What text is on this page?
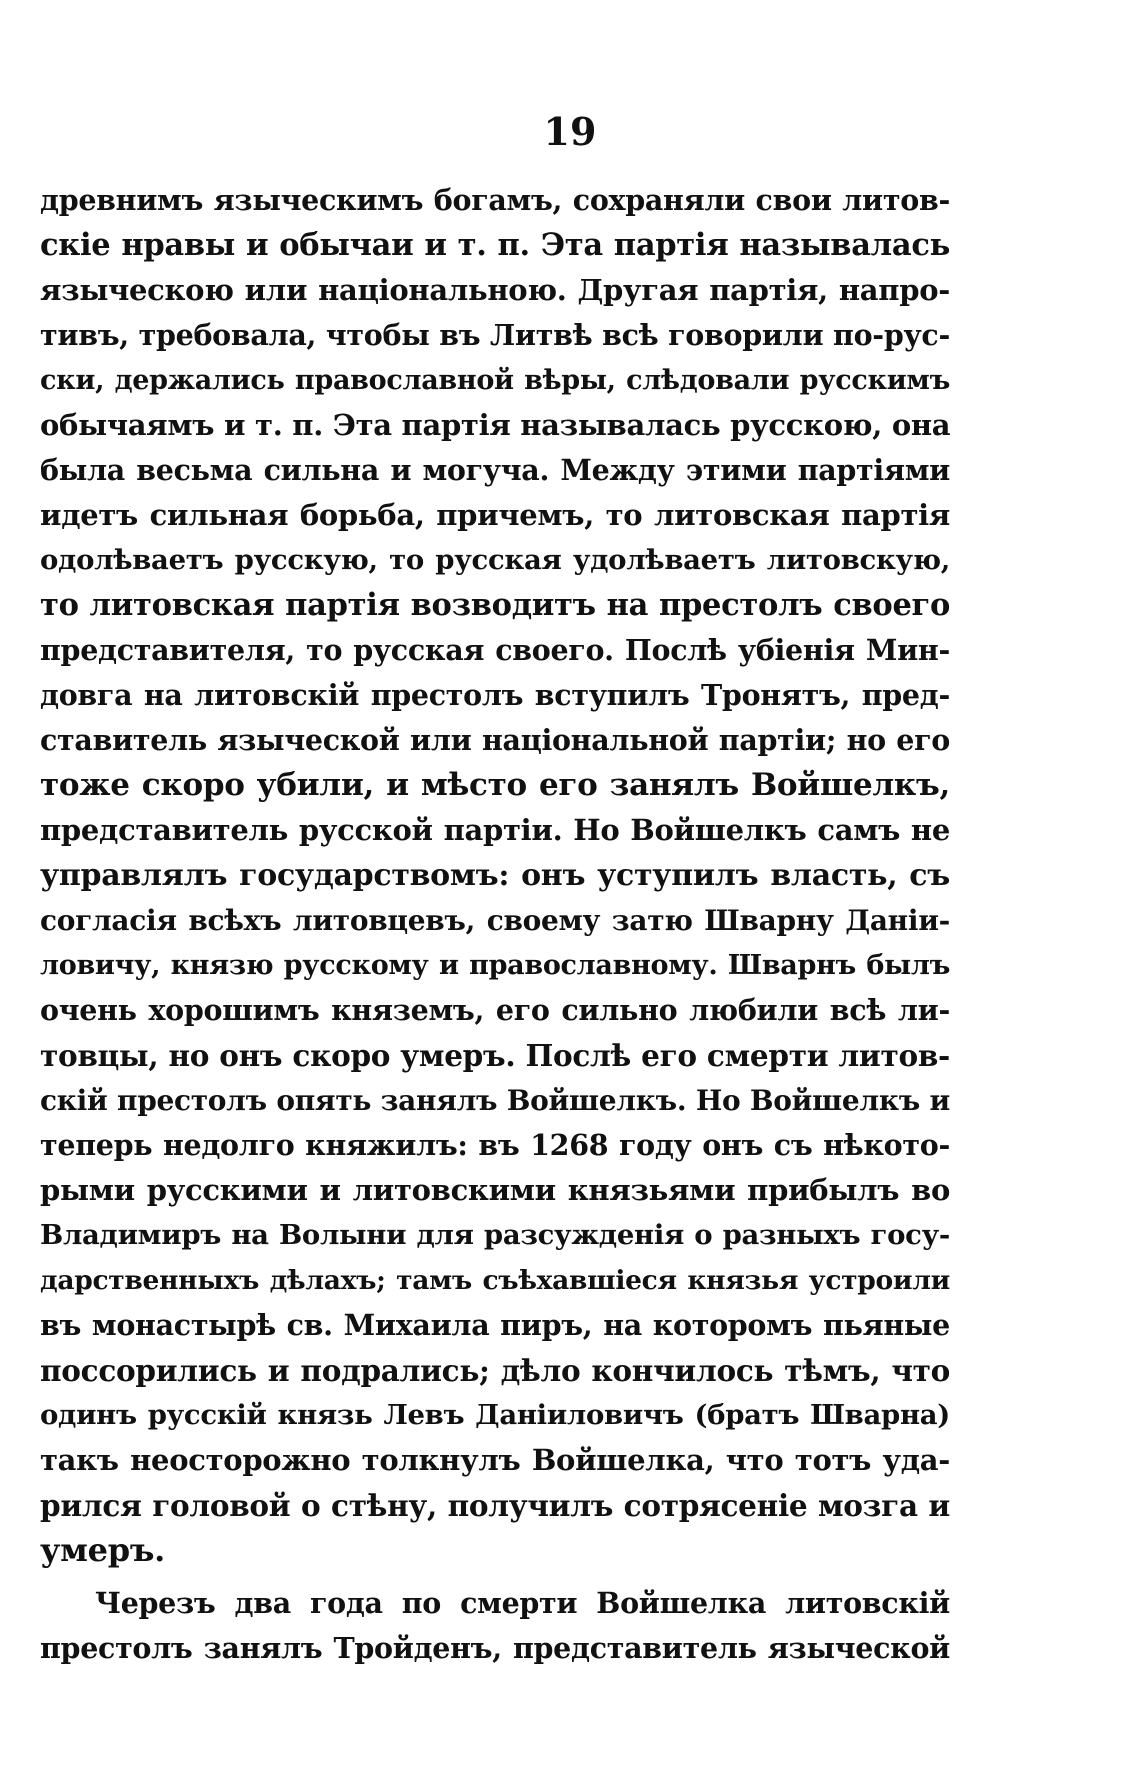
19
древнимъ языческимъ богамъ, сохраняли свои литов-
скіе нравы и обычаи и т. п. Эта партія называлась
языческою или національною. Другая партія, напро-
тивъ, требовала, чтобы въ Литвѣ всѣ говорили по-рус-
ски, держались православной вѣры, слѣдовали русскимъ
обычаямъ и т. п. Эта партія называлась русскою, она
была весьма сильна и могуча. Между этими партіями
идетъ сильная борьба, причемъ, то литовская партія
одолѣваетъ русскую, то русская удолѣваетъ литовскую,
то литовская партія возводитъ на престолъ своего
представителя, то русская своего. Послѣ убіенія Мин-
довга на литовскій престолъ вступилъ Тронятъ, пред-
ставитель языческой или національной партіи; но его
тоже скоро убили, и мѣсто его занялъ Войшелкъ,
представитель русской партіи. Но Войшелкъ самъ не
управлялъ государствомъ: онъ уступилъ власть, съ
согласія всѣхъ литовцевъ, своему затю Шварну Даніи-
ловичу, князю русскому и православному. Шварнъ былъ
очень хорошимъ княземъ, его сильно любили всѣ ли-
товцы, но онъ скоро умеръ. Послѣ его смерти литов-
скій престолъ опять занялъ Войшелкъ. Но Войшелкъ и
теперь недолго княжилъ: въ 1268 году онъ съ нѣкото-
рыми русскими и литовскими князьями прибылъ во
Владимиръ на Волыни для разсужденія о разныхъ госу-
дарственныхъ дѣлахъ; тамъ съѣхавшіеся князья устроили
въ монастырѣ св. Михаила пиръ, на которомъ пьяные
поссорились и подрались; дѣло кончилось тѣмъ, что
одинъ русскій князь Левъ Даніиловичъ (братъ Шварна)
такъ неосторожно толкнулъ Войшелка, что тотъ уда-
рился головой о стѣну, получилъ сотрясеніе мозга и
умеръ.
Черезъ два года по смерти Войшелка литовскій
престолъ занялъ Тройденъ, представитель языческой
